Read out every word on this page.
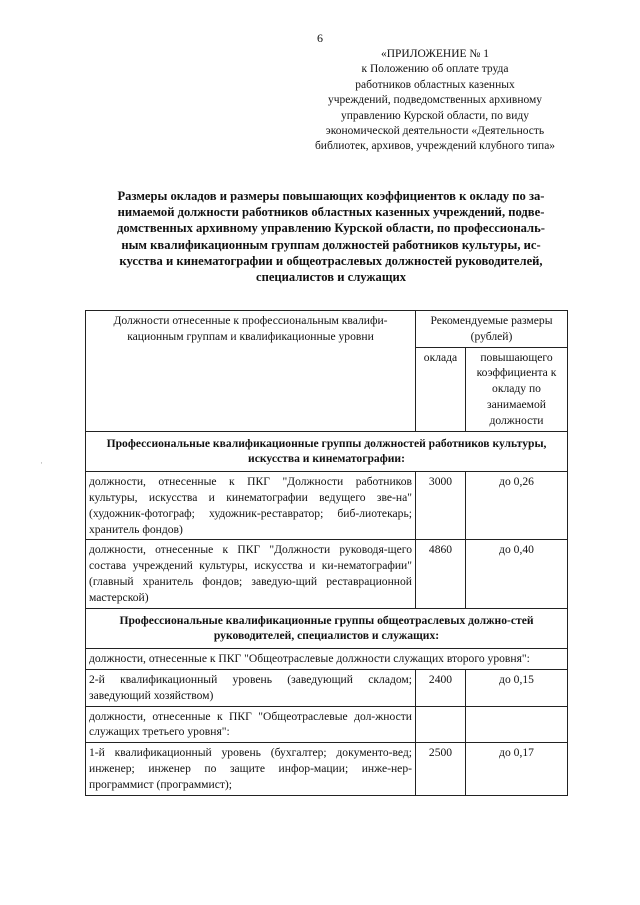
6
«ПРИЛОЖЕНИЕ № 1
к Положению об оплате труда
работников областных казенных
учреждений, подведомственных архивному
управлению Курской области, по виду
экономической деятельности «Деятельность
библиотек, архивов, учреждений клубного типа»
Размеры окладов и размеры повышающих коэффициентов к окладу по за-
нимаемой должности работников областных казенных учреждений, подве-
домственных архивному управлению Курской области, по профессиональ-
ным квалификационным группам должностей работников культуры, ис-
кусства и кинематографии и общеотраслевых должностей руководителей,
специалистов и служащих
·
Должности отнесенные к профессиональным квалифи-кационным группам и квалификационные уровни	Рекомендуемые размеры (рублей)	
	оклада	повышающего коэффициента к окладу по занимаемой должности
Профессиональные квалификационные группы должностей работников культуры, искусства и кинематографии:		
должности, отнесенные к ПКГ "Должности работников культуры, искусства и кинематографии ведущего зве-на" (художник-фотограф; художник-реставратор; биб-лиотекарь; хранитель фондов)	3000	до 0,26
должности, отнесенные к ПКГ "Должности руководя-щего состава учреждений культуры, искусства и ки-нематографии" (главный хранитель фондов; заведую-щий реставрационной мастерской)	4860	до 0,40
Профессиональные квалификационные группы общеотраслевых должно-стей руководителей, специалистов и служащих:		
должности, отнесенные к ПКГ "Общеотраслевые должности служащих второго уровня":		
2-й квалификационный уровень (заведующий складом; заведующий хозяйством)	2400	до 0,15
должности, отнесенные к ПКГ "Общеотраслевые дол-жности служащих третьего уровня":		
1-й квалификационный уровень (бухгалтер; документо-вед; инженер; инженер по защите инфор-мации; инже-нер-программист (программист);	2500	до 0,17
